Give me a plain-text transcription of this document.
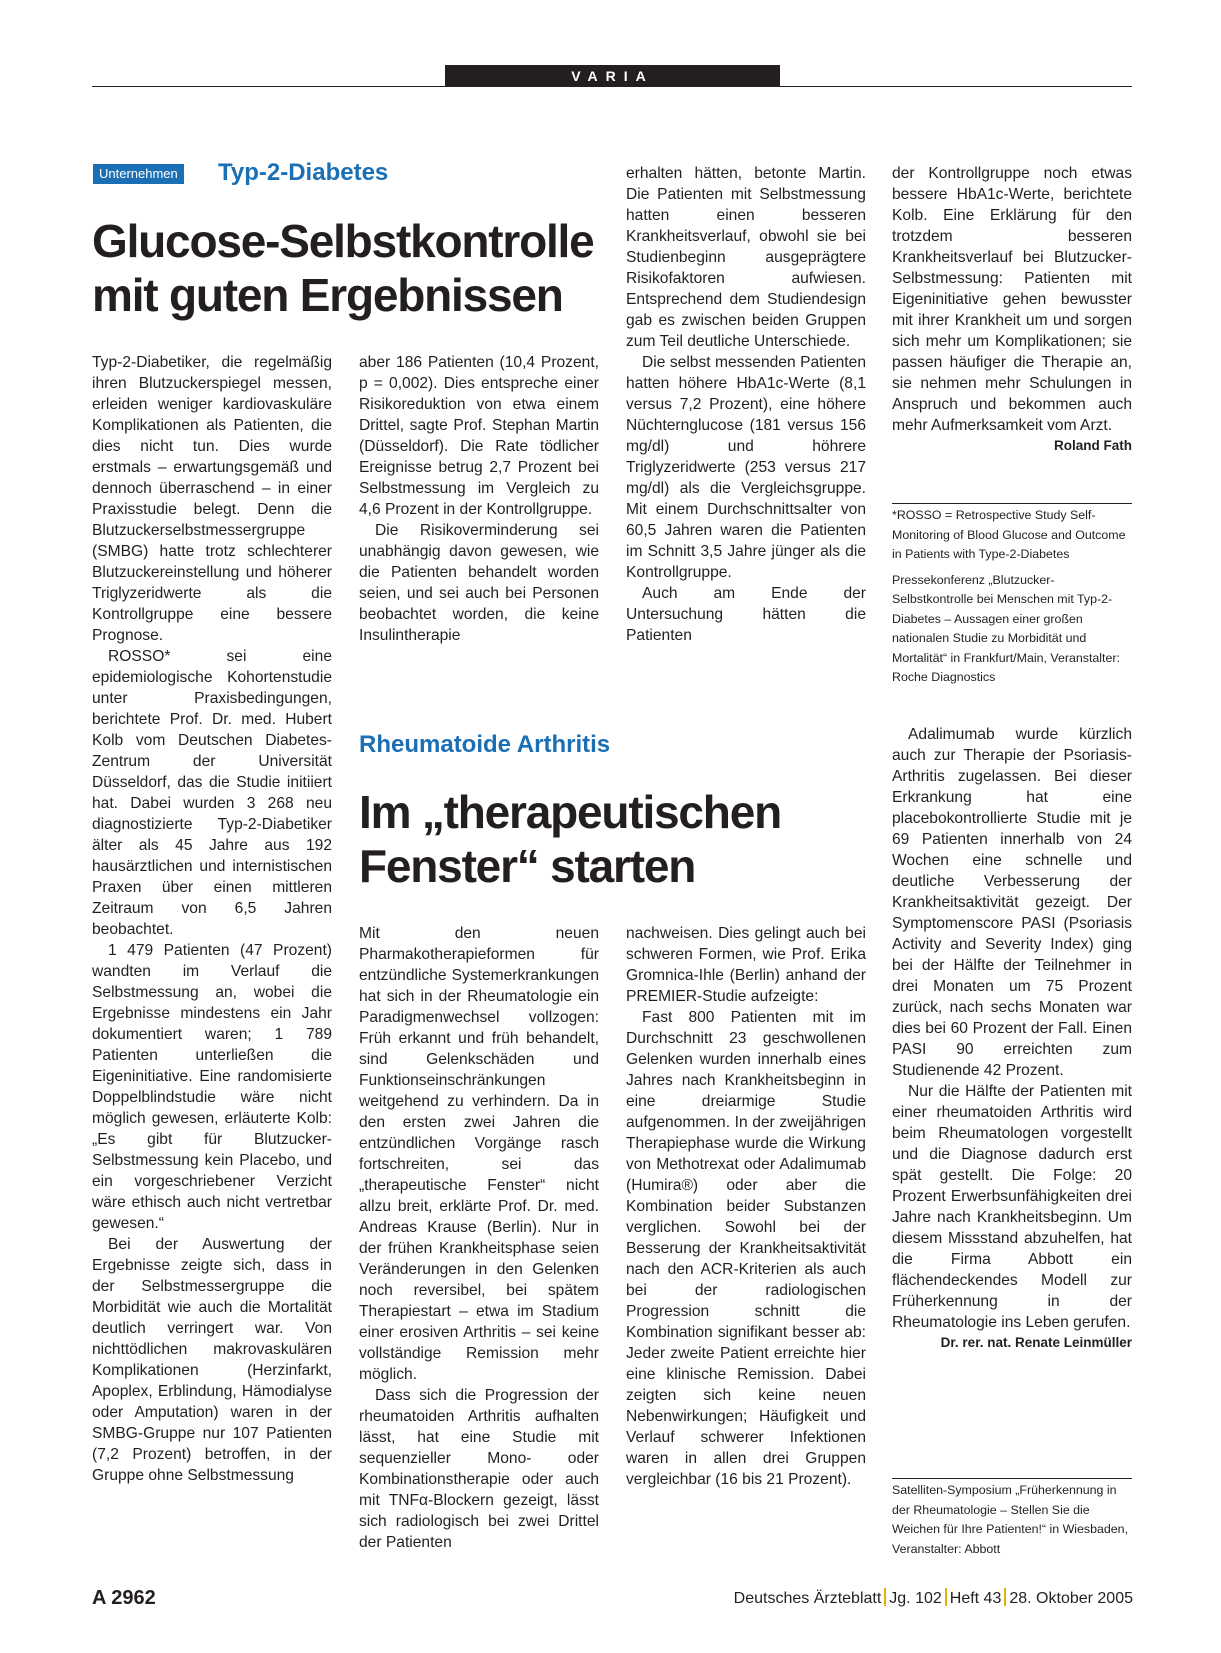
VARIA
Unternehmen Typ-2-Diabetes
Glucose-Selbstkontrolle
mit guten Ergebnissen

Typ-2-Diabetiker, die regelmäßig ihren Blutzuckerspiegel messen, erleiden weniger kardiovaskuläre Komplikationen als Patienten, die dies nicht tun. Dies wurde erstmals – erwartungsgemäß und dennoch überraschend – in einer Praxisstudie belegt. Denn die Blutzuckerselbstmessergruppe (SMBG) hatte trotz schlechterer Blutzuckereinstellung und höherer Triglyzeridwerte als die Kontrollgruppe eine bessere Prognose.

ROSSO* sei eine epidemiologische Kohortenstudie unter Praxisbedingungen, berichtete Prof. Dr. med. Hubert Kolb vom Deutschen Diabetes-Zentrum der Universität Düsseldorf, das die Studie initiiert hat. Dabei wurden 3 268 neu diagnostizierte Typ-2-Diabetiker älter als 45 Jahre aus 192 hausärztlichen und internistischen Praxen über einen mittleren Zeitraum von 6,5 Jahren beobachtet.

1 479 Patienten (47 Prozent) wandten im Verlauf die Selbstmessung an, wobei die Ergebnisse mindestens ein Jahr dokumentiert waren; 1 789 Patienten unterließen die Eigeninitiative. Eine randomisierte Doppelblindstudie wäre nicht möglich gewesen, erläuterte Kolb: „Es gibt für Blutzucker-Selbstmessung kein Placebo, und ein vorgeschriebener Verzicht wäre ethisch auch nicht vertretbar gewesen.“

Bei der Auswertung der Ergebnisse zeigte sich, dass in der Selbstmessergruppe die Morbidität wie auch die Mortalität deutlich verringert war. Von nichttödlichen makrovaskulären Komplikationen (Herzinfarkt, Apoplex, Erblindung, Hämodialyse oder Amputation) waren in der SMBG-Gruppe nur 107 Patienten (7,2 Prozent) betroffen, in der Gruppe ohne Selbstmessung

aber 186 Patienten (10,4 Prozent, p = 0,002). Dies entspreche einer Risikoreduktion von etwa einem Drittel, sagte Prof. Stephan Martin (Düsseldorf). Die Rate tödlicher Ereignisse betrug 2,7 Prozent bei Selbstmessung im Vergleich zu 4,6 Prozent in der Kontrollgruppe.

Die Risikoverminderung sei unabhängig davon gewesen, wie die Patienten behandelt worden seien, und sei auch bei Personen beobachtet worden, die keine Insulintherapie

erhalten hätten, betonte Martin. Die Patienten mit Selbstmessung hatten einen besseren Krankheitsverlauf, obwohl sie bei Studienbeginn ausgeprägtere Risikofaktoren aufwiesen. Entsprechend dem Studiendesign gab es zwischen beiden Gruppen zum Teil deutliche Unterschiede.

Die selbst messenden Patienten hatten höhere HbA1c-Werte (8,1 versus 7,2 Prozent), eine höhere Nüchternglucose (181 versus 156 mg/dl) und höhrere Triglyzeridwerte (253 versus 217 mg/dl) als die Vergleichsgruppe. Mit einem Durchschnittsalter von 60,5 Jahren waren die Patienten im Schnitt 3,5 Jahre jünger als die Kontrollgruppe.

Auch am Ende der Untersuchung hätten die Patienten

der Kontrollgruppe noch etwas bessere HbA1c-Werte, berichtete Kolb. Eine Erklärung für den trotzdem besseren Krankheitsverlauf bei Blutzucker-Selbstmessung: Patienten mit Eigeninitiative gehen bewusster mit ihrer Krankheit um und sorgen sich mehr um Komplikationen; sie passen häufiger die Therapie an, sie nehmen mehr Schulungen in Anspruch und bekommen auch mehr Aufmerksamkeit vom Arzt.

Roland Fath

*ROSSO = Retrospective Study Self-Monitoring of Blood Glucose and Outcome in Patients with Type-2-Diabetes

Pressekonferenz „Blutzucker-Selbstkontrolle bei Menschen mit Typ-2-Diabetes – Aussagen einer großen nationalen Studie zu Morbidität und Mortalität“ in Frankfurt/Main, Veranstalter: Roche Diagnostics

Rheumatoide Arthritis
Im „therapeutischen
Fenster“ starten

Mit den neuen Pharmakotherapieformen für entzündliche Systemerkrankungen hat sich in der Rheumatologie ein Paradigmenwechsel vollzogen: Früh erkannt und früh behandelt, sind Gelenkschäden und Funktionseinschränkungen weitgehend zu verhindern. Da in den ersten zwei Jahren die entzündlichen Vorgänge rasch fortschreiten, sei das „therapeutische Fenster“ nicht allzu breit, erklärte Prof. Dr. med. Andreas Krause (Berlin). Nur in der frühen Krankheitsphase seien Veränderungen in den Gelenken noch reversibel, bei spätem Therapiestart – etwa im Stadium einer erosiven Arthritis – sei keine vollständige Remission mehr möglich.

Dass sich die Progression der rheumatoiden Arthritis aufhalten lässt, hat eine Studie mit sequenzieller Mono- oder Kombinationstherapie oder auch mit TNFα-Blockern gezeigt, lässt sich radiologisch bei zwei Drittel der Patienten

nachweisen. Dies gelingt auch bei schweren Formen, wie Prof. Erika Gromnica-Ihle (Berlin) anhand der PREMIER-Studie aufzeigte:

Fast 800 Patienten mit im Durchschnitt 23 geschwollenen Gelenken wurden innerhalb eines Jahres nach Krankheitsbeginn in eine dreiarmige Studie aufgenommen. In der zweijährigen Therapiephase wurde die Wirkung von Methotrexat oder Adalimumab (Humira®) oder aber die Kombination beider Substanzen verglichen. Sowohl bei der Besserung der Krankheitsaktivität nach den ACR-Kriterien als auch bei der radiologischen Progression schnitt die Kombination signifikant besser ab: Jeder zweite Patient erreichte hier eine klinische Remission. Dabei zeigten sich keine neuen Nebenwirkungen; Häufigkeit und Verlauf schwerer Infektionen waren in allen drei Gruppen vergleichbar (16 bis 21 Prozent).

Adalimumab wurde kürzlich auch zur Therapie der Psoriasis-Arthritis zugelassen. Bei dieser Erkrankung hat eine placebokontrollierte Studie mit je 69 Patienten innerhalb von 24 Wochen eine schnelle und deutliche Verbesserung der Krankheitsaktivität gezeigt. Der Symptomenscore PASI (Psoriasis Activity and Severity Index) ging bei der Hälfte der Teilnehmer in drei Monaten um 75 Prozent zurück, nach sechs Monaten war dies bei 60 Prozent der Fall. Einen PASI 90 erreichten zum Studienende 42 Prozent.

Nur die Hälfte der Patienten mit einer rheumatoiden Arthritis wird beim Rheumatologen vorgestellt und die Diagnose dadurch erst spät gestellt. Die Folge: 20 Prozent Erwerbsunfähigkeiten drei Jahre nach Krankheitsbeginn. Um diesem Missstand abzuhelfen, hat die Firma Abbott ein flächendeckendes Modell zur Früherkennung in der Rheumatologie ins Leben gerufen.

Dr. rer. nat. Renate Leinmüller

Satelliten-Symposium „Früherkennung in der Rheumatologie – Stellen Sie die Weichen für Ihre Patienten!“ in Wiesbaden, Veranstalter: Abbott

A 2962	Deutsches Ärzteblatt Jg. 102 Heft 43 28. Oktober 2005
